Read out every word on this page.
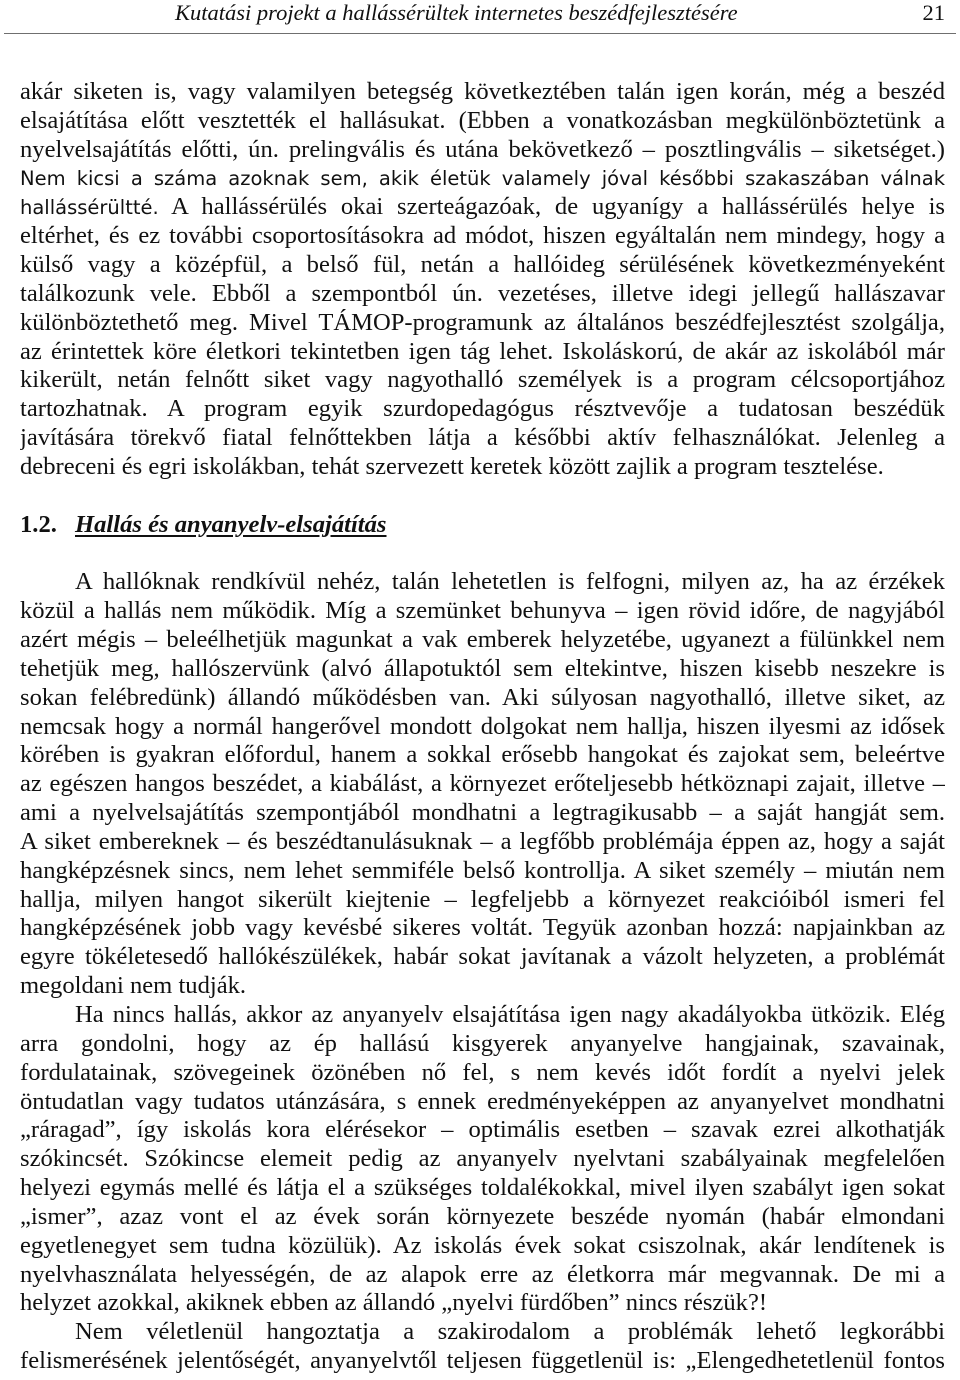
Kutatási projekt a hallássérültek internetes beszédfejlesztésére	21
akár siketen is, vagy valamilyen betegség következtében talán igen korán, még a beszéd
elsajátítása előtt vesztették el hallásukat. (Ebben a vonatkozásban megkülönböztetünk a
nyelvelsajátítás előtti, ún. prelingvális és utána bekövetkező – posztlingvális – siketséget.)
Nem kicsi a száma azoknak sem, akik életük valamely jóval későbbi szakaszában válnak
hallássérültté. A hallássérülés okai szerteágazóak, de ugyanígy a hallássérülés helye is
eltérhet, és ez további csoportosításokra ad módot, hiszen egyáltalán nem mindegy, hogy a
külső vagy a középfül, a belső fül, netán a hallóideg sérülésének következményeként
találkozunk vele. Ebből a szempontból ún. vezetéses, illetve idegi jellegű hallászavar
különböztethető meg. Mivel TÁMOP-programunk az általános beszédfejlesztést szolgálja,
az érintettek köre életkori tekintetben igen tág lehet. Iskoláskorú, de akár az iskolából már
kikerült, netán felnőtt siket vagy nagyothalló személyek is a program célcsoportjához
tartozhatnak. A program egyik szurdopedagógus résztvevője a tudatosan beszédük
javítására törekvő fiatal felnőttekben látja a későbbi aktív felhasználókat. Jelenleg a
debreceni és egri iskolákban, tehát szervezett keretek között zajlik a program tesztelése.
1.2. Hallás és anyanyelv-elsajátítás
A hallóknak rendkívül nehéz, talán lehetetlen is felfogni, milyen az, ha az érzékek
közül a hallás nem működik. Míg a szemünket behunyva – igen rövid időre, de nagyjából
azért mégis – beleélhetjük magunkat a vak emberek helyzetébe, ugyanezt a fülünkkel nem
tehetjük meg, hallószervünk (alvó állapotuktól sem eltekintve, hiszen kisebb neszekre is
sokan felébredünk) állandó működésben van. Aki súlyosan nagyothalló, illetve siket, az
nemcsak hogy a normál hangerővel mondott dolgokat nem hallja, hiszen ilyesmi az idősek
körében is gyakran előfordul, hanem a sokkal erősebb hangokat és zajokat sem, beleértve
az egészen hangos beszédet, a kiabálást, a környezet erőteljesebb hétköznapi zajait, illetve –
ami a nyelvelsajátítás szempontjából mondhatni a legtragikusabb – a saját hangját sem.
A siket embereknek – és beszédtanulásuknak – a legfőbb problémája éppen az, hogy a saját
hangképzésnek sincs, nem lehet semmiféle belső kontrollja. A siket személy – miután nem
hallja, milyen hangot sikerült kiejtenie – legfeljebb a környezet reakcióiból ismeri fel
hangképzésének jobb vagy kevésbé sikeres voltát. Tegyük azonban hozzá: napjainkban az
egyre tökéletesedő hallókészülékek, habár sokat javítanak a vázolt helyzeten, a problémát
megoldani nem tudják.
Ha nincs hallás, akkor az anyanyelv elsajátítása igen nagy akadályokba ütközik. Elég
arra gondolni, hogy az ép hallású kisgyerek anyanyelve hangjainak, szavainak,
fordulatainak, szövegeinek özönében nő fel, s nem kevés időt fordít a nyelvi jelek
öntudatlan vagy tudatos utánzására, s ennek eredményeképpen az anyanyelvet mondhatni
„ráragad”, így iskolás kora elérésekor – optimális esetben – szavak ezrei alkothatják
szókincsét. Szókincse elemeit pedig az anyanyelv nyelvtani szabályainak megfelelően
helyezi egymás mellé és látja el a szükséges toldalékokkal, mivel ilyen szabályt igen sokat
„ismer”, azaz vont el az évek során környezete beszéde nyomán (habár elmondani
egyetlenegyet sem tudna közülük). Az iskolás évek sokat csiszolnak, akár lendítenek is
nyelvhasználata helyességén, de az alapok erre az életkorra már megvannak. De mi a
helyzet azokkal, akiknek ebben az állandó „nyelvi fürdőben” nincs részük?!
Nem véletlenül hangoztatja a szakirodalom a problémák lehető legkorábbi
felismerésének jelentőségét, anyanyelvtől teljesen függetlenül is: „Elengedhetetlenül fontos
